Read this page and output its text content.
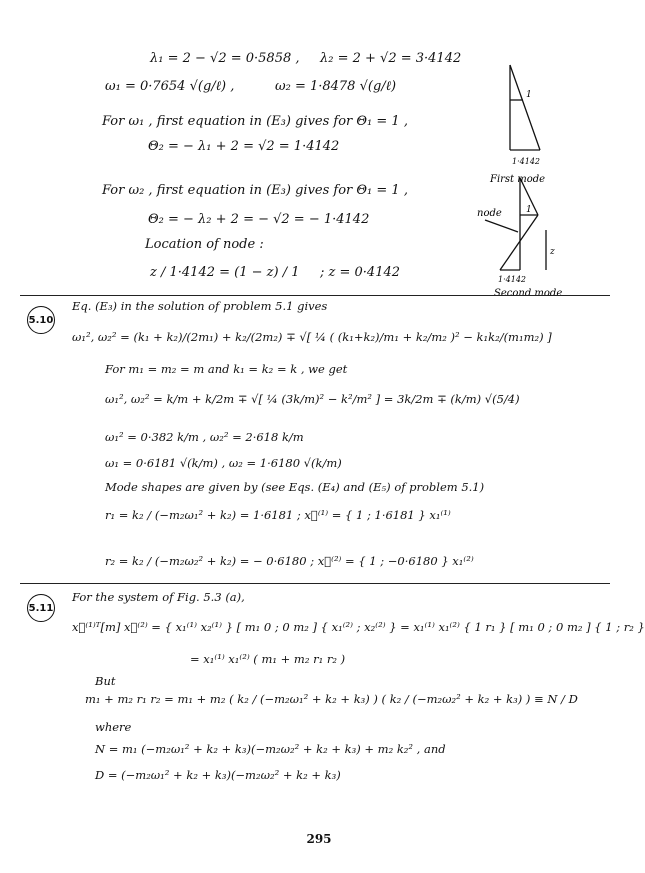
λ₁ = 2 − √2 = 0·5858 , λ₂ = 2 + √2 = 3·4142
ω₁ = 0·7654 √(g/ℓ) ,	ω₂ = 1·8478 √(g/ℓ)
For ω₁ , first equation in (E₃) gives for Θ₁ = 1 ,
Θ₂ = − λ₁ + 2 = √2 = 1·4142
For ω₂ , first equation in (E₃) gives for Θ₁ = 1 ,
Θ₂ = − λ₂ + 2 = − √2 = − 1·4142
Location of node :
z / 1·4142 = (1 − z) / 1 ; z = 0·4142
1
1·4142
First mode
node
z
1
1·4142
Second mode
5.10
Eq. (E₃) in the solution of problem 5.1 gives
ω₁², ω₂² = (k₁ + k₂)/(2m₁) + k₂/(2m₂) ∓ √[ ¼ ( (k₁+k₂)/m₁ + k₂/m₂ )² − k₁k₂/(m₁m₂) ]
For m₁ = m₂ = m and k₁ = k₂ = k , we get
ω₁², ω₂² = k/m + k/2m ∓ √[ ¼ (3k/m)² − k²/m² ] = 3k/2m ∓ (k/m) √(5/4)
ω₁² = 0·382 k/m , ω₂² = 2·618 k/m
ω₁ = 0·6181 √(k/m) , ω₂ = 1·6180 √(k/m)
Mode shapes are given by (see Eqs. (E₄) and (E₅) of problem 5.1)
r₁ = k₂ / (−m₂ω₁² + k₂) = 1·6181 ; x⃗⁽¹⁾ = { 1 ; 1·6181 } x₁⁽¹⁾
r₂ = k₂ / (−m₂ω₂² + k₂) = − 0·6180 ; x⃗⁽²⁾ = { 1 ; −0·6180 } x₁⁽²⁾
5.11
For the system of Fig. 5.3 (a),
x⃗⁽¹⁾ᵀ[m] x⃗⁽²⁾ = { x₁⁽¹⁾ x₂⁽¹⁾ } [ m₁ 0 ; 0 m₂ ] { x₁⁽²⁾ ; x₂⁽²⁾ } = x₁⁽¹⁾ x₁⁽²⁾ { 1 r₁ } [ m₁ 0 ; 0 m₂ ] { 1 ; r₂ }
= x₁⁽¹⁾ x₁⁽²⁾ ( m₁ + m₂ r₁ r₂ )
But
m₁ + m₂ r₁ r₂ = m₁ + m₂ ( k₂ / (−m₂ω₁² + k₂ + k₃) ) ( k₂ / (−m₂ω₂² + k₂ + k₃) ) ≡ N / D
where
N = m₁ (−m₂ω₁² + k₂ + k₃)(−m₂ω₂² + k₂ + k₃) + m₂ k₂² , and
D = (−m₂ω₁² + k₂ + k₃)(−m₂ω₂² + k₂ + k₃)
295
